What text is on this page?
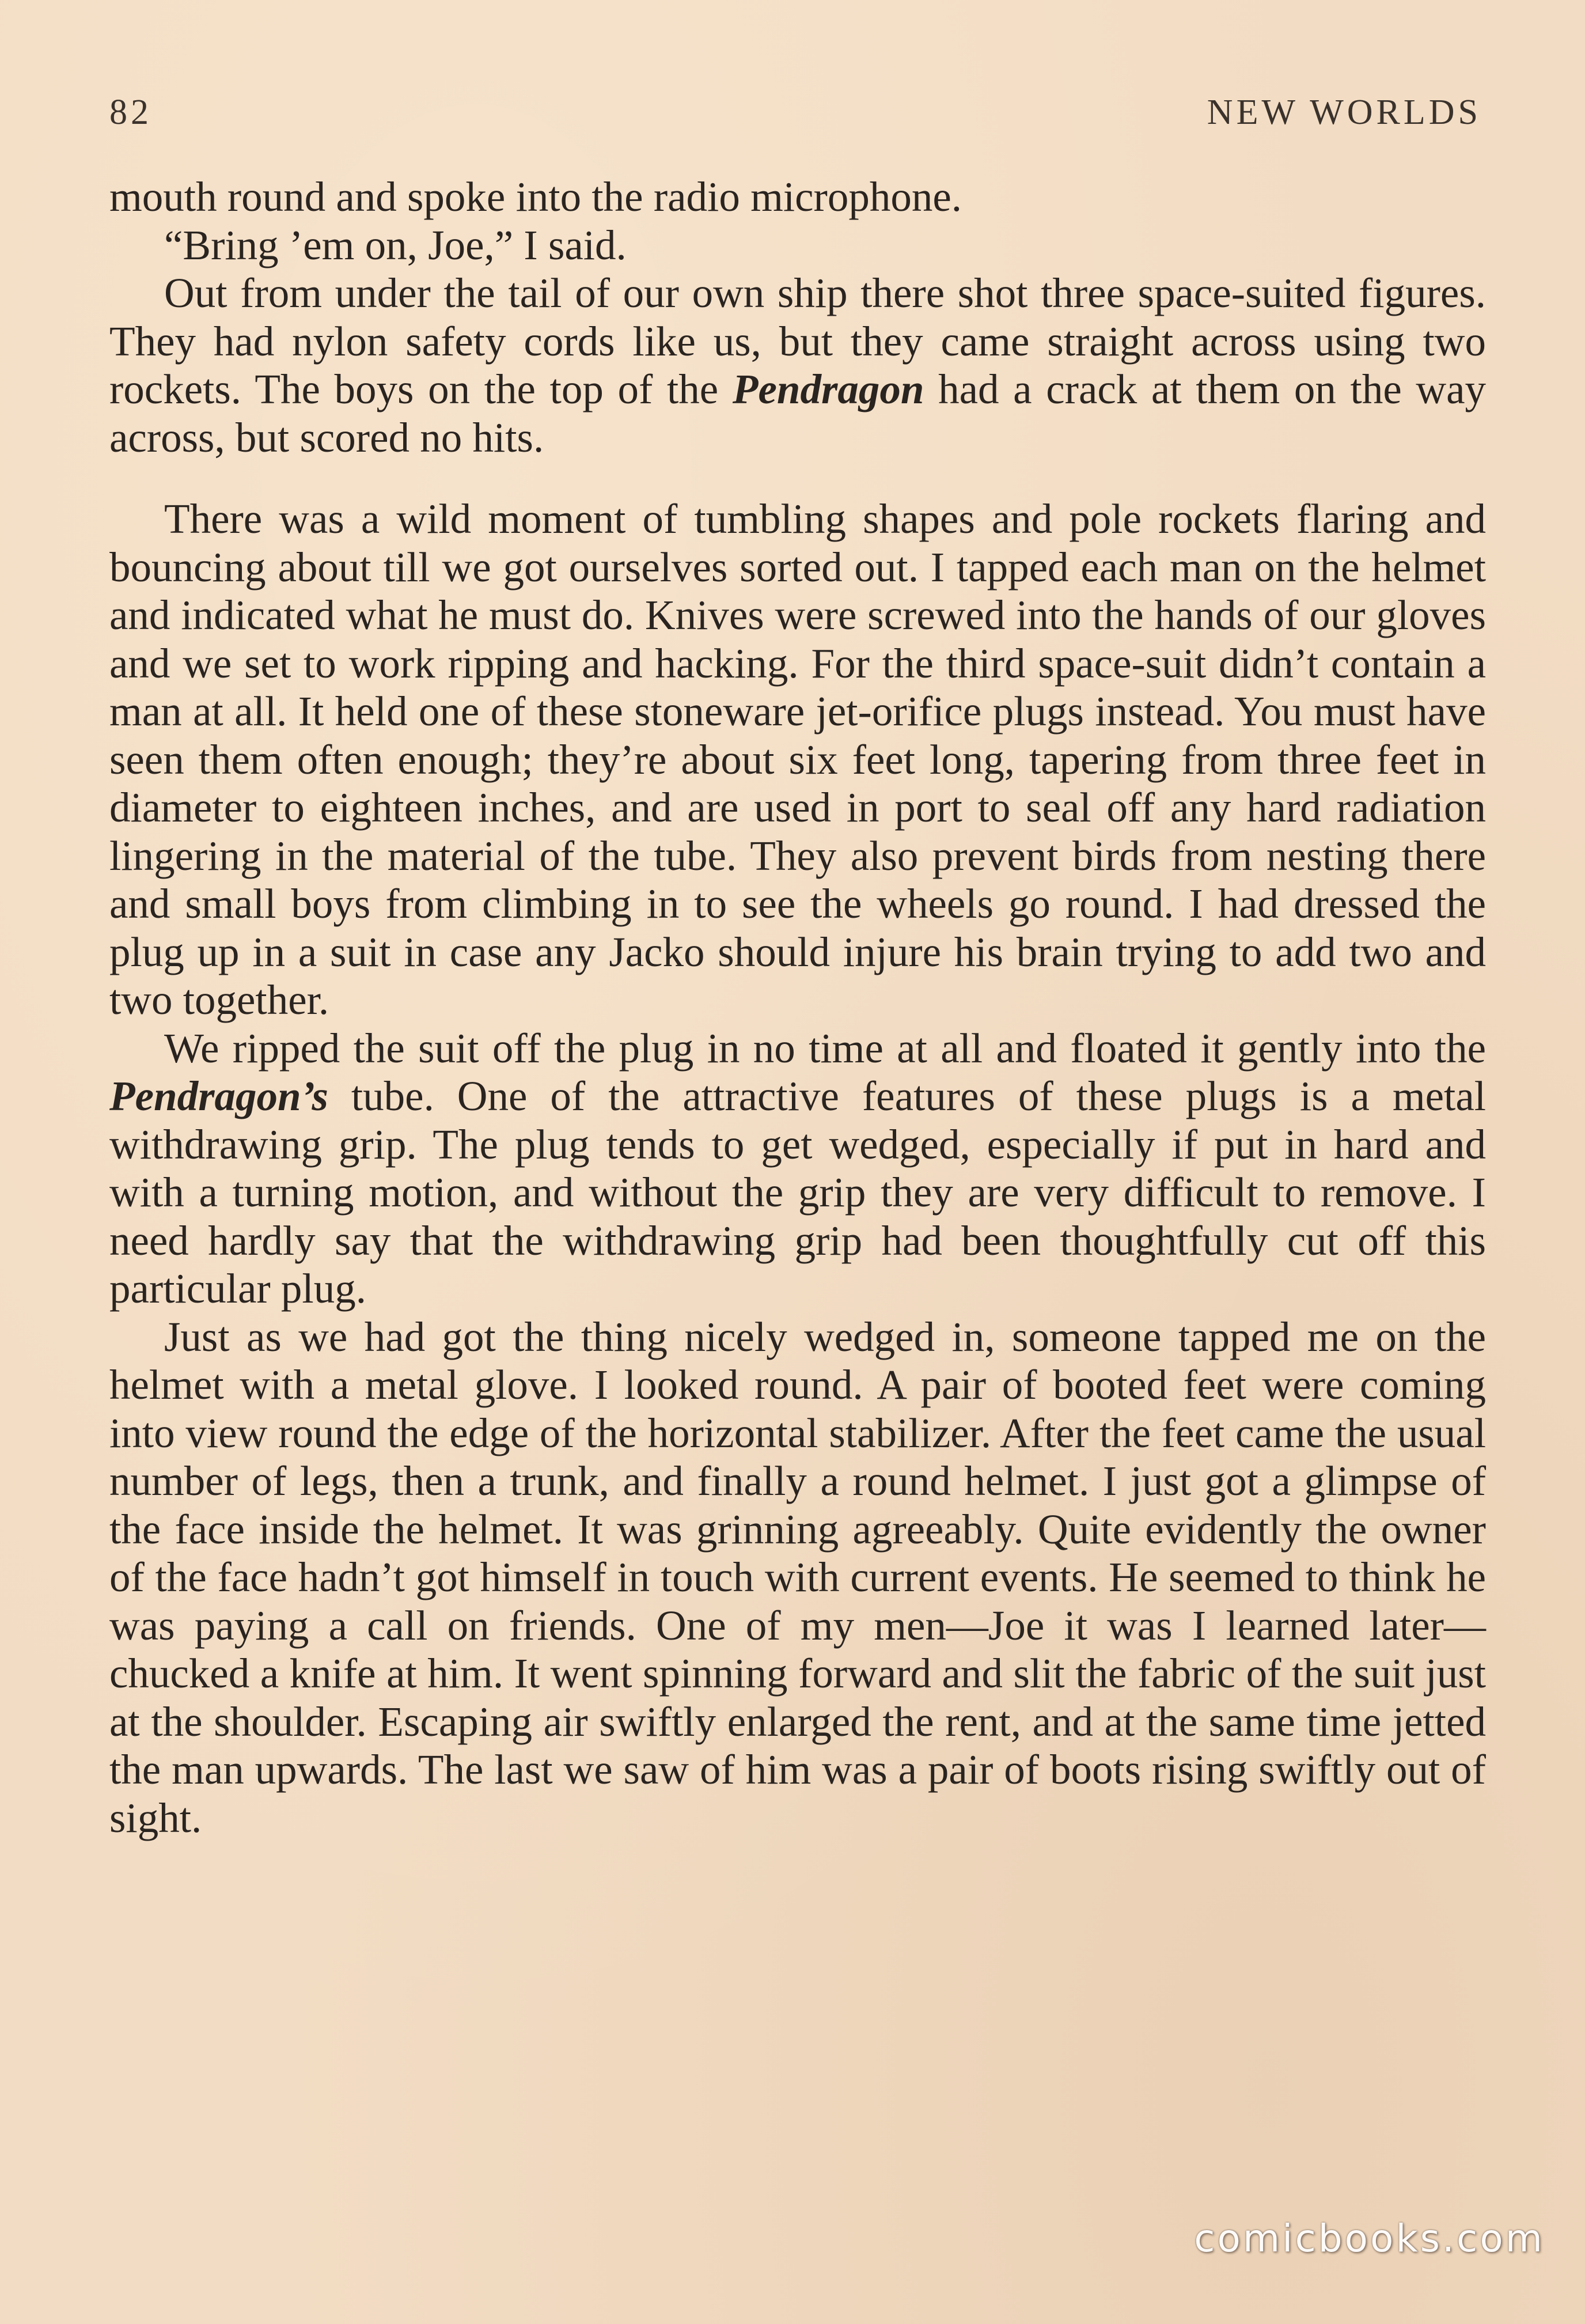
82	NEW WORLDS

mouth round and spoke into the radio microphone.

“Bring ’em on, Joe,” I said.

Out from under the tail of our own ship there shot three space-suited figures. They had nylon safety cords like us, but they came straight across using two rockets. The boys on the top of the Pendragon had a crack at them on the way across, but scored no hits.

There was a wild moment of tumbling shapes and pole rockets flaring and bouncing about till we got ourselves sorted out. I tapped each man on the helmet and indicated what he must do. Knives were screwed into the hands of our gloves and we set to work ripping and hacking. For the third space-suit didn’t contain a man at all. It held one of these stoneware jet-orifice plugs instead. You must have seen them often enough; they’re about six feet long, tapering from three feet in diameter to eighteen inches, and are used in port to seal off any hard radiation lingering in the material of the tube. They also prevent birds from nesting there and small boys from climbing in to see the wheels go round. I had dressed the plug up in a suit in case any Jacko should injure his brain trying to add two and two together.

We ripped the suit off the plug in no time at all and floated it gently into the Pendragon’s tube. One of the attractive features of these plugs is a metal withdrawing grip. The plug tends to get wedged, especially if put in hard and with a turning motion, and without the grip they are very difficult to remove. I need hardly say that the withdrawing grip had been thoughtfully cut off this particular plug.

Just as we had got the thing nicely wedged in, someone tapped me on the helmet with a metal glove. I looked round. A pair of booted feet were coming into view round the edge of the horizontal stabilizer. After the feet came the usual number of legs, then a trunk, and finally a round helmet. I just got a glimpse of the face inside the helmet. It was grinning agreeably. Quite evidently the owner of the face hadn’t got himself in touch with current events. He seemed to think he was paying a call on friends. One of my men—Joe it was I learned later—chucked a knife at him. It went spinning forward and slit the fabric of the suit just at the shoulder. Escaping air swiftly enlarged the rent, and at the same time jetted the man upwards. The last we saw of him was a pair of boots rising swiftly out of sight.

comicbooks.com
